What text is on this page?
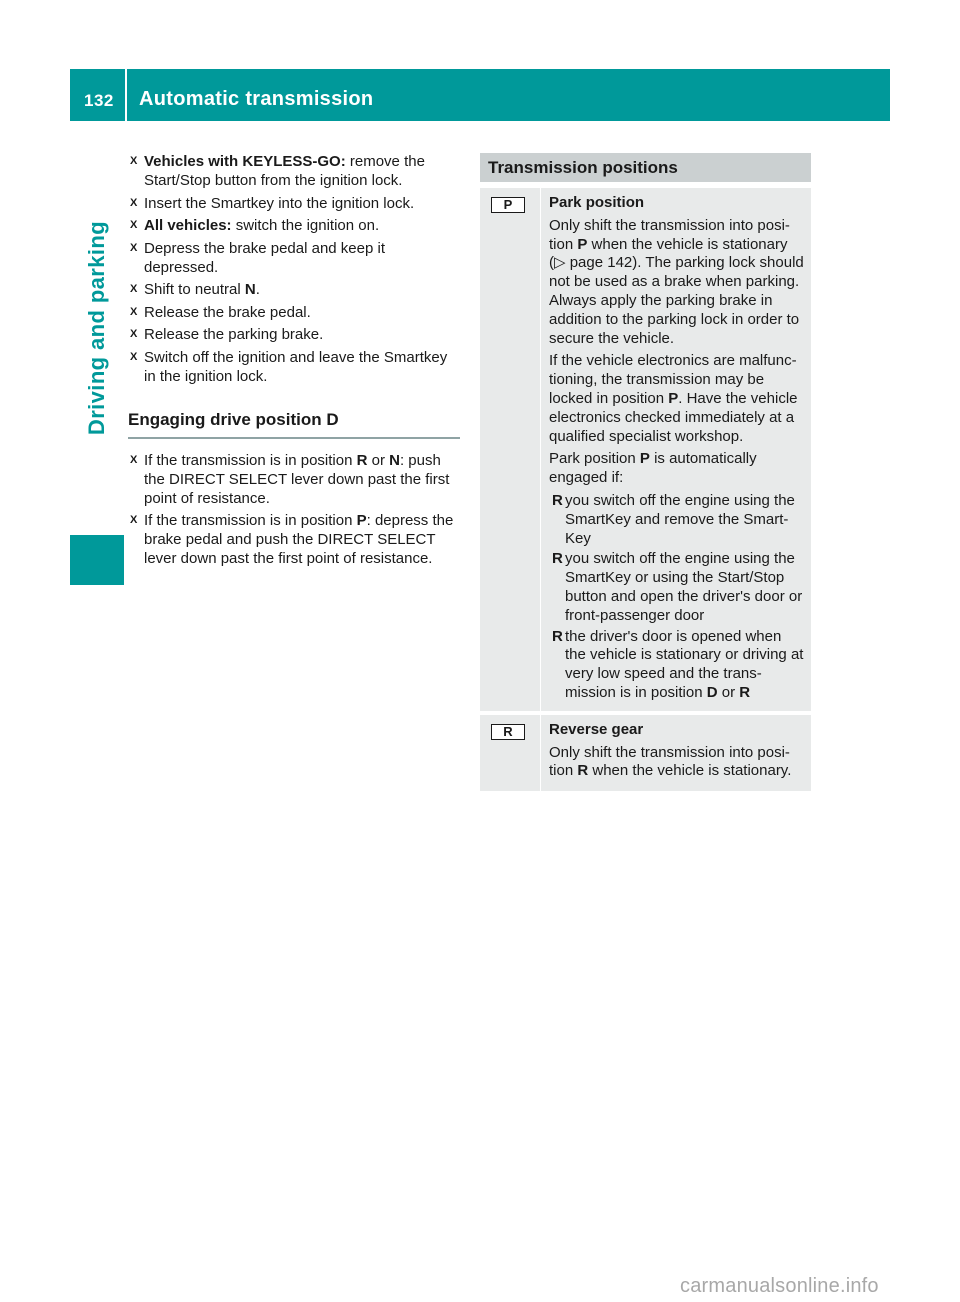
132 Automatic transmission
Driving and parking
X Vehicles with KEYLESS-GO: remove the Start/Stop button from the ignition lock.
X Insert the Smartkey into the ignition lock.
X All vehicles: switch the ignition on.
X Depress the brake pedal and keep it depressed.
X Shift to neutral N.
X Release the brake pedal.
X Release the parking brake.
X Switch off the ignition and leave the Smartkey in the ignition lock.
Engaging drive position D
X If the transmission is in position R or N: push the DIRECT SELECT lever down past the first point of resistance.
X If the transmission is in position P: depress the brake pedal and push the DIRECT SELECT lever down past the first point of resistance.
Transmission positions
P	Park position
Only shift the transmission into posi- tion P when the vehicle is stationary (▷ page 142). The parking lock should not be used as a brake when parking. Always apply the parking brake in addition to the parking lock in order to secure the vehicle.
If the vehicle electronics are malfunc- tioning, the transmission may be locked in position P. Have the vehicle electronics checked immediately at a qualified specialist workshop.
Park position P is automatically engaged if:
R you switch off the engine using the SmartKey and remove the Smart- Key
R you switch off the engine using the SmartKey or using the Start/Stop button and open the driver's door or front-passenger door
R the driver's door is opened when the vehicle is stationary or driving at very low speed and the trans- mission is in position D or R
R	Reverse gear
Only shift the transmission into posi- tion R when the vehicle is stationary.
carmanualsonline.info
